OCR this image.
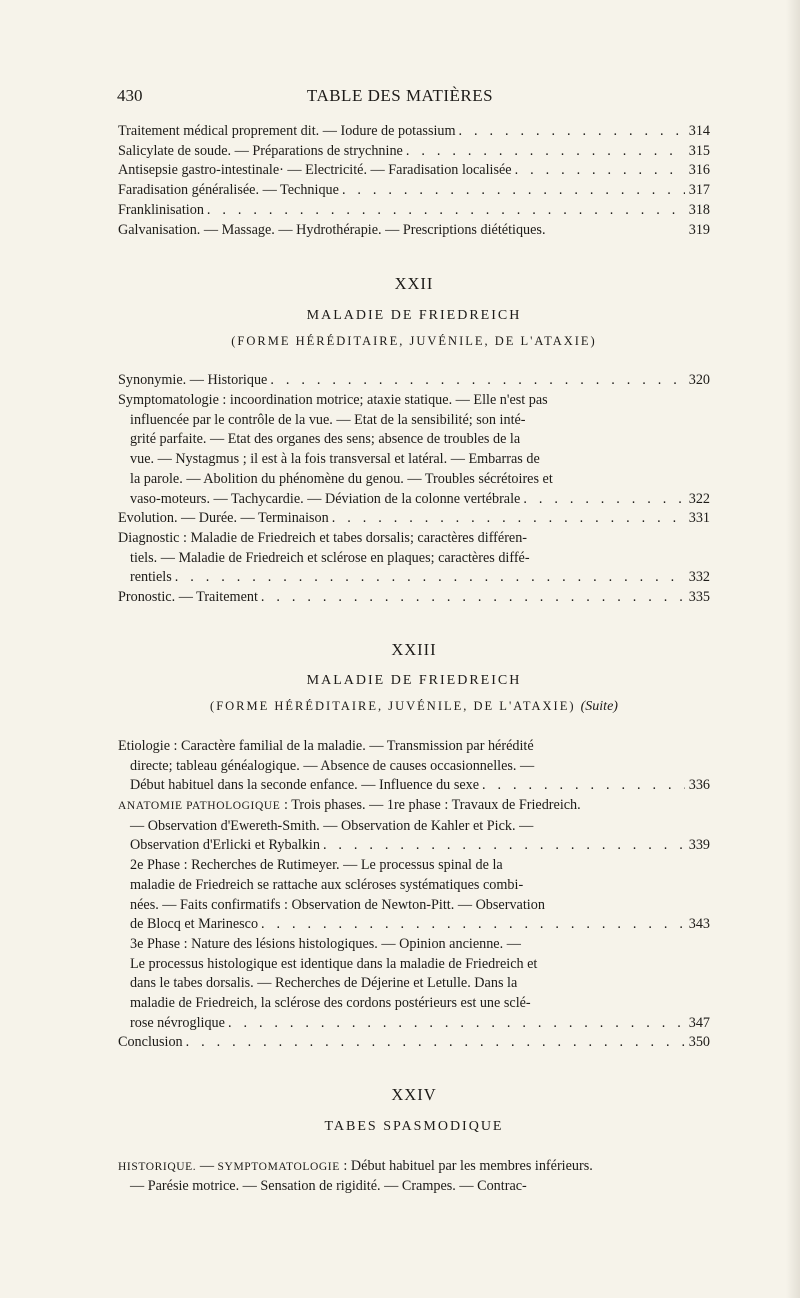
430	TABLE DES MATIÈRES
Traitement médical proprement dit. — Iodure de potassium . . .	314
Salicylate de soude. — Préparations de strychnine . . .	315
Antisepsie gastro-intestinale· — Electricité. — Faradisation localisée . . .	316
Faradisation généralisée. — Technique . . .	317
Franklinisation . . .	318
Galvanisation. — Massage. — Hydrothérapie. — Prescriptions diététiques.	319
XXII
MALADIE DE FRIEDREICH
(FORME HÉRÉDITAIRE, JUVÉNILE, DE L'ATAXIE)
Synonymie. — Historique . . .	320
Symptomatologie : incoordination motrice; ataxie statique. — Elle n'est pas
influencée par le contrôle de la vue. — Etat de la sensibilité; son inté-
grité parfaite. — Etat des organes des sens; absence de troubles de la
vue. — Nystagmus ; il est à la fois transversal et latéral. — Embarras de
la parole. — Abolition du phénomène du genou. — Troubles sécrétoires et
vaso-moteurs. — Tachycardie. — Déviation de la colonne vertébrale . . .	322
Evolution. — Durée. — Terminaison . . .	331
Diagnostic : Maladie de Friedreich et tabes dorsalis; caractères différen-
tiels. — Maladie de Friedreich et sclérose en plaques; caractères diffé-
rentiels . . .	332
Pronostic. — Traitement . . .	335
XXIII
MALADIE DE FRIEDREICH
(FORME HÉRÉDITAIRE, JUVÉNILE, DE L'ATAXIE) (Suite)
Etiologie : Caractère familial de la maladie. — Transmission par hérédité
directe; tableau généalogique. — Absence de causes occasionnelles. —
Début habituel dans la seconde enfance. — Influence du sexe . . .	336
ANATOMIE PATHOLOGIQUE : Trois phases. — 1re phase : Travaux de Friedreich.
— Observation d'Ewereth-Smith. — Observation de Kahler et Pick. —
Observation d'Erlicki et Rybalkin . . .	339
2e Phase : Recherches de Rutimeyer. — Le processus spinal de la
maladie de Friedreich se rattache aux scléroses systématiques combi-
nées. — Faits confirmatifs : Observation de Newton-Pitt. — Observation
de Blocq et Marinesco . . .	343
3e Phase : Nature des lésions histologiques. — Opinion ancienne. —
Le processus histologique est identique dans la maladie de Friedreich et
dans le tabes dorsalis. — Recherches de Déjerine et Letulle. Dans la
maladie de Friedreich, la sclérose des cordons postérieurs est une sclé-
rose névroglique . . .	347
Conclusion . . .	350
XXIV
TABES SPASMODIQUE
HISTORIQUE. — SYMPTOMATOLOGIE : Début habituel par les membres inférieurs.
— Parésie motrice. — Sensation de rigidité. — Crampes. — Contrac-
